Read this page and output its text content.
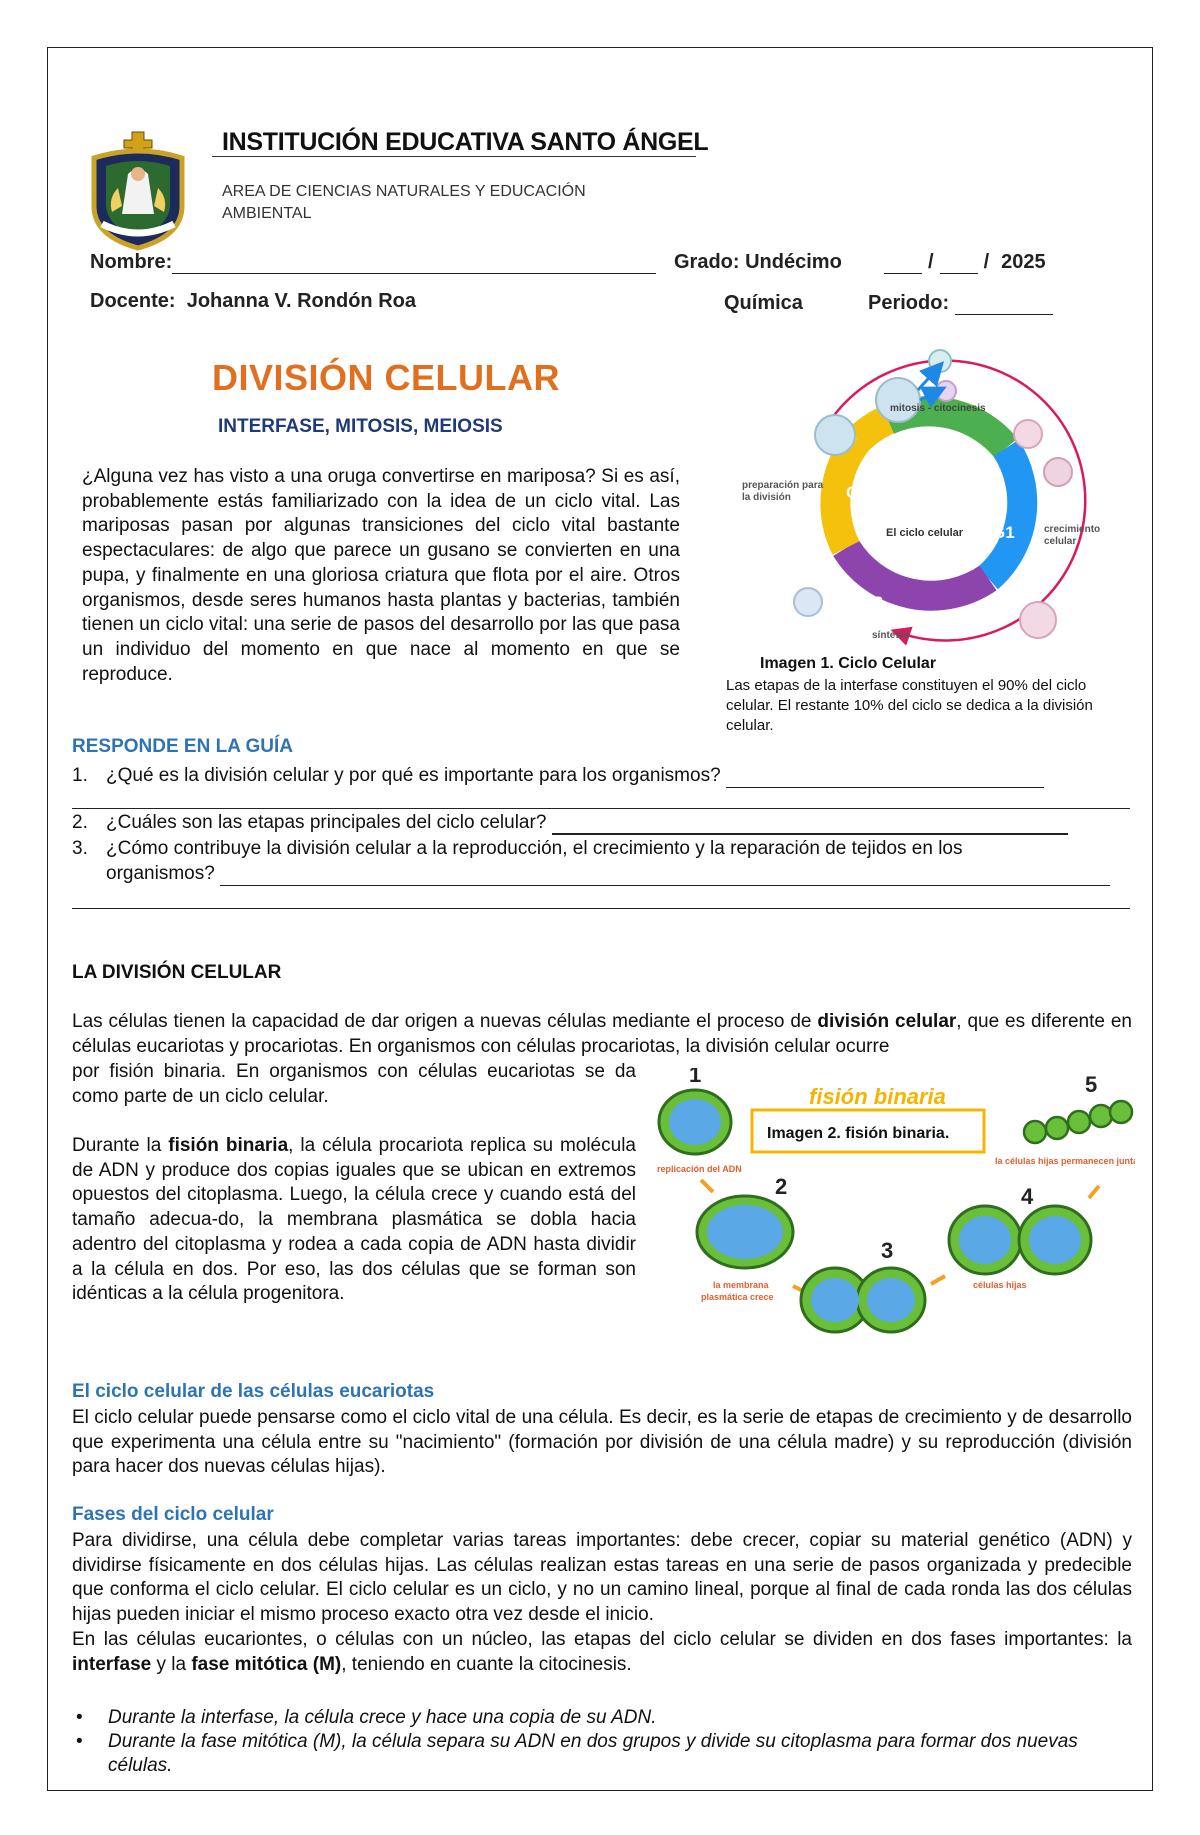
INSTITUCIÓN EDUCATIVA SANTO ÁNGEL
AREA DE CIENCIAS NATURALES Y EDUCACIÓN AMBIENTAL
Nombre:	Grado: Undécimo	/	/ 2025
Docente: Johanna V. Rondón Roa	Química	Periodo:
DIVISIÓN CELULAR
INTERFASE, MITOSIS, MEIOSIS
¿Alguna vez has visto a una oruga convertirse en mariposa? Si es así, probablemente estás familiarizado con la idea de un ciclo vital. Las mariposas pasan por algunas transiciones del ciclo vital bastante espectaculares: de algo que parece un gusano se convierten en una pupa, y finalmente en una gloriosa criatura que flota por el aire. Otros organismos, desde seres humanos hasta plantas y bacterias, también tienen un ciclo vital: una serie de pasos del desarrollo por las que pasa un individuo del momento en que nace al momento en que se reproduce.
mitosis - citocinesis
preparación para
la división
El ciclo celular	crecimiento
celular
síntesis
M
G1
G2
S
Imagen 1. Ciclo Celular
Las etapas de la interfase constituyen el 90% del ciclo celular. El restante 10% del ciclo se dedica a la división celular.
RESPONDE EN LA GUÍA
1. ¿Qué es la división celular y por qué es importante para los organismos?
2. ¿Cuáles son las etapas principales del ciclo celular?
3. ¿Cómo contribuye la división celular a la reproducción, el crecimiento y la reparación de tejidos en los
organismos?
LA DIVISIÓN CELULAR
Las células tienen la capacidad de dar origen a nuevas células mediante el proceso de división celular, que es diferente en células eucariotas y procariotas. En organismos con células procariotas, la división celular ocurre
por fisión binaria. En organismos con células eucariotas se da como parte de un ciclo celular.
Durante la fisión binaria, la célula procariota replica su molécula de ADN y produce dos copias iguales que se ubican en extremos opuestos del citoplasma. Luego, la célula crece y cuando está del tamaño adecua-do, la membrana plasmática se dobla hacia adentro del citoplasma y rodea a cada copia de ADN hasta dividir a la célula en dos. Por eso, las dos células que se forman son idénticas a la célula progenitora.
fisión binaria
Imagen 2. fisión binaria.
1
replicación del ADN
2
la membrana
plasmática crece
3
4
células hijas
5
la células hijas permanecen juntas
El ciclo celular de las células eucariotas
El ciclo celular puede pensarse como el ciclo vital de una célula. Es decir, es la serie de etapas de crecimiento y de desarrollo que experimenta una célula entre su "nacimiento" (formación por división de una célula madre) y su reproducción (división para hacer dos nuevas células hijas).
Fases del ciclo celular
Para dividirse, una célula debe completar varias tareas importantes: debe crecer, copiar su material genético (ADN) y dividirse físicamente en dos células hijas. Las células realizan estas tareas en una serie de pasos organizada y predecible que conforma el ciclo celular. El ciclo celular es un ciclo, y no un camino lineal, porque al final de cada ronda las dos células hijas pueden iniciar el mismo proceso exacto otra vez desde el inicio.
En las células eucariontes, o células con un núcleo, las etapas del ciclo celular se dividen en dos fases importantes: la interfase y la fase mitótica (M), teniendo en cuante la citocinesis.
• Durante la interfase, la célula crece y hace una copia de su ADN.
• Durante la fase mitótica (M), la célula separa su ADN en dos grupos y divide su citoplasma para formar dos nuevas células.
